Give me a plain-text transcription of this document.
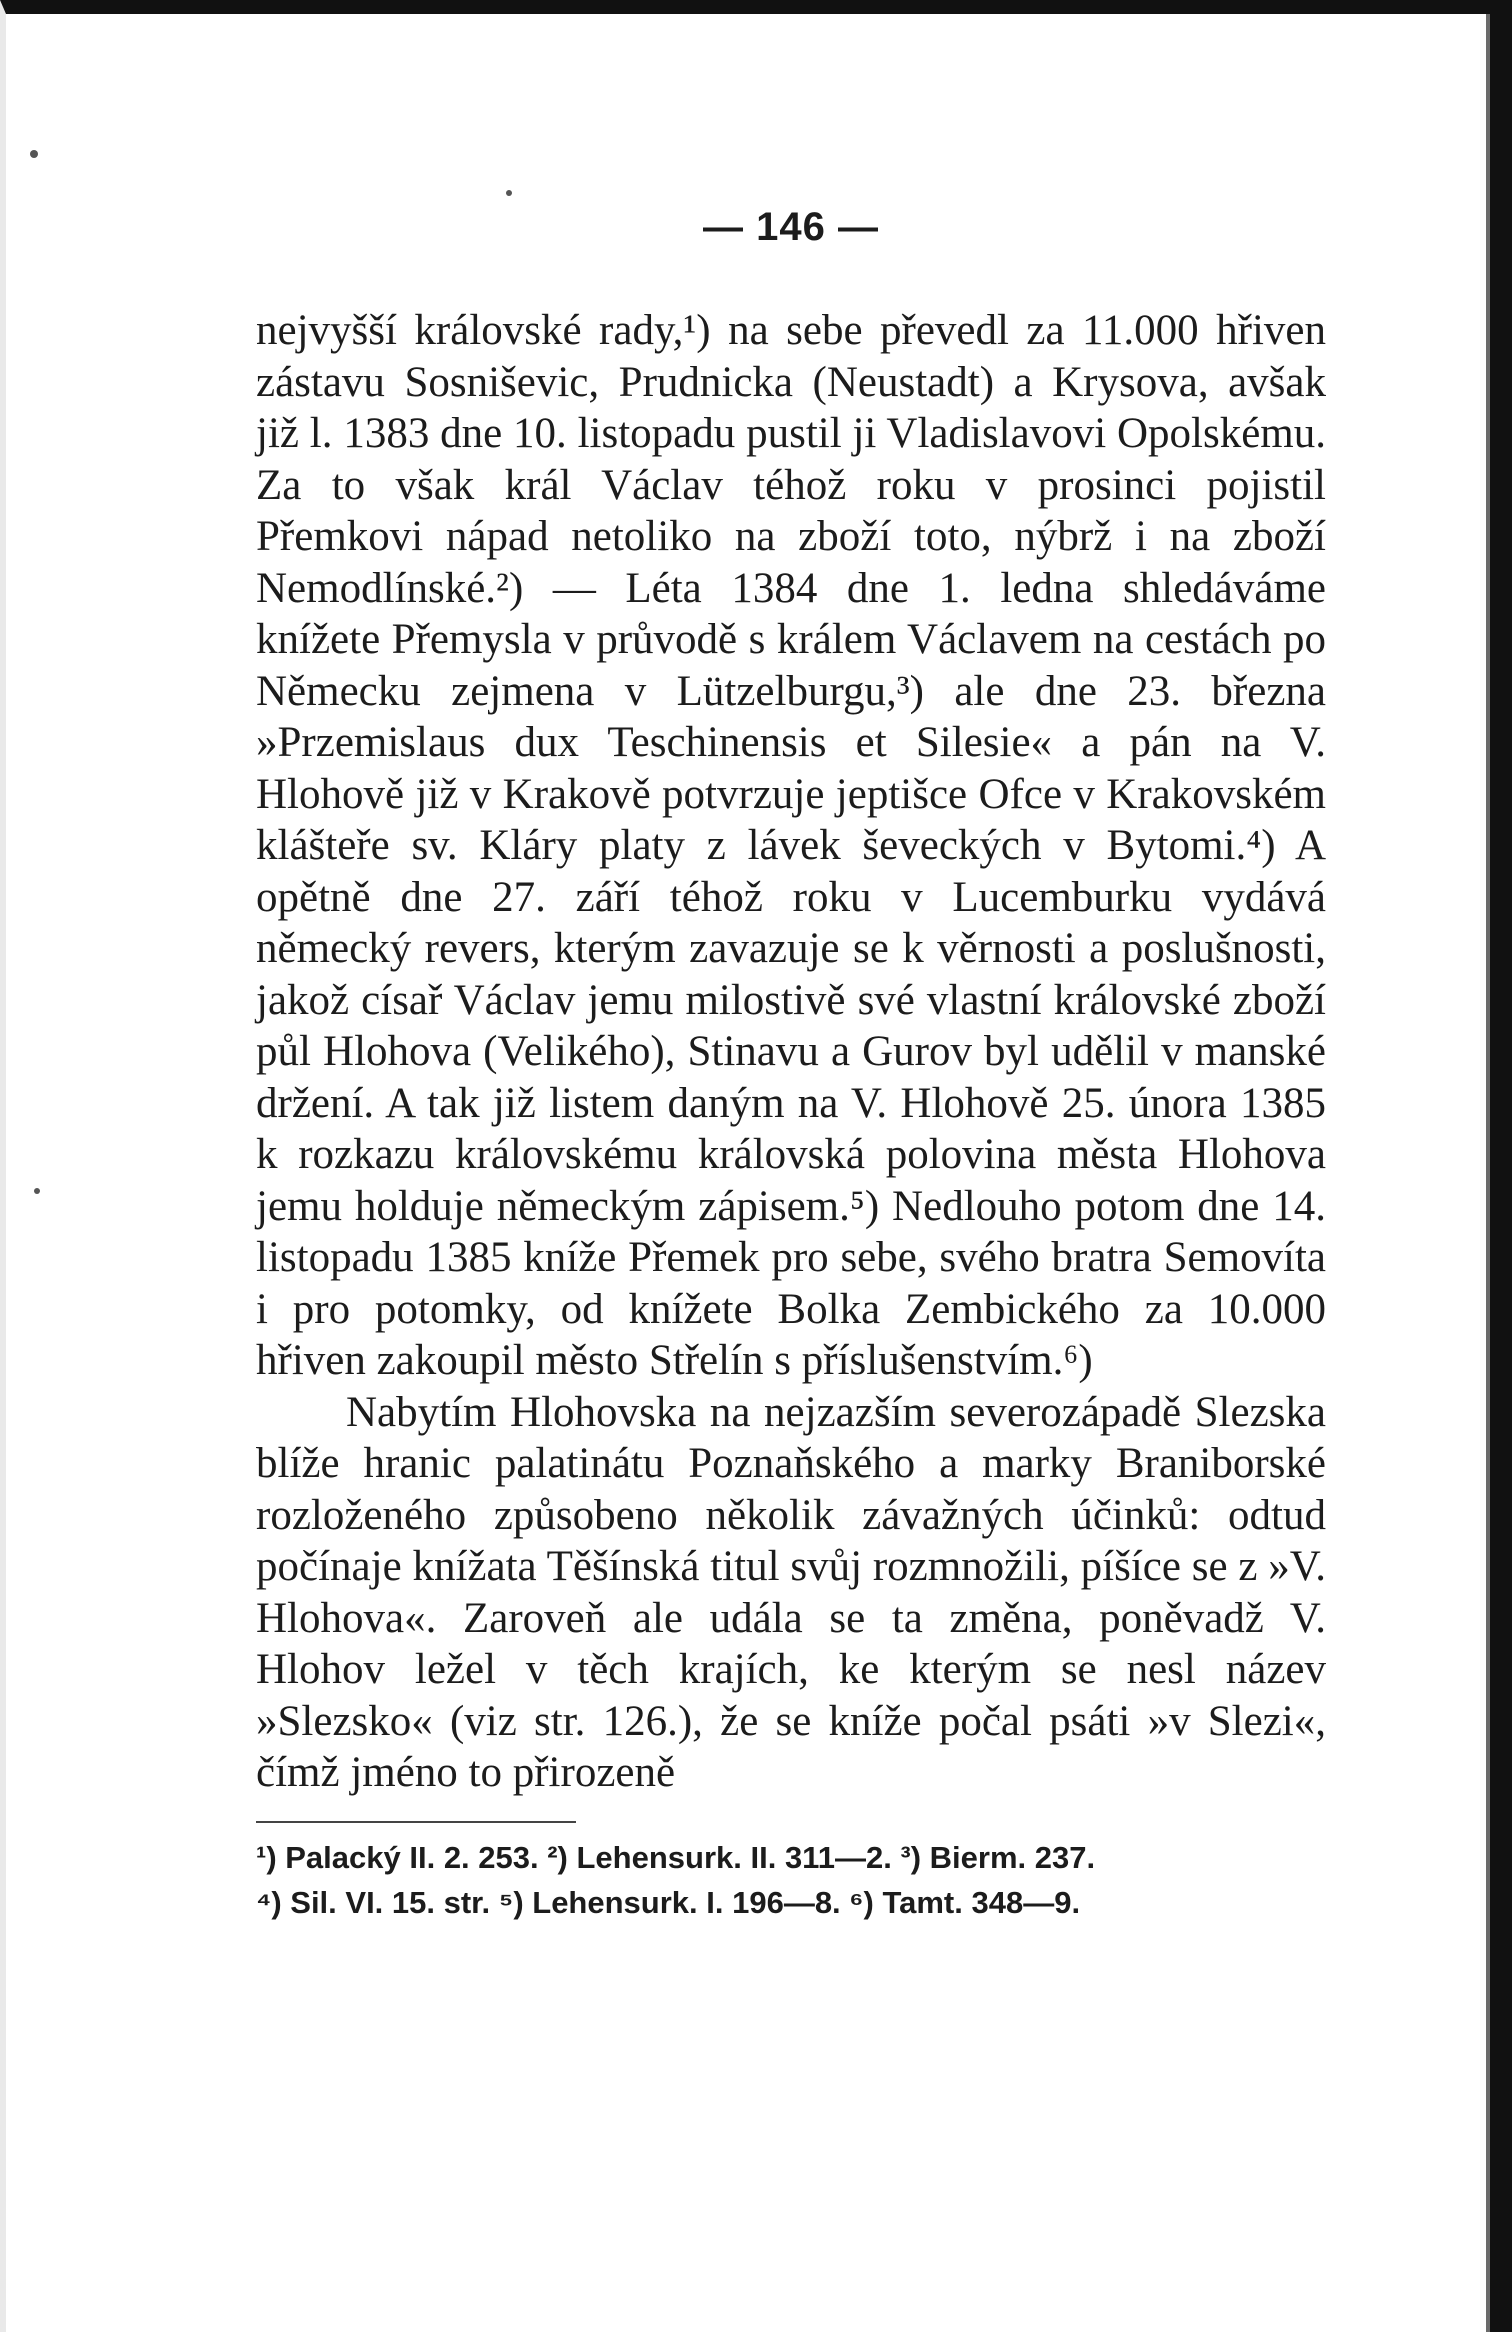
— 146 —

nejvyšší královské rady,¹) na sebe převedl za 11.000 hřiven zástavu Sosniševic, Prudnicka (Neustadt) a Krysova, avšak již l. 1383 dne 10. listopadu pustil ji Vladislavovi Opolskému. Za to však král Václav téhož roku v prosinci pojistil Přemkovi nápad netoliko na zboží toto, nýbrž i na zboží Nemodlínské.²) — Léta 1384 dne 1. ledna shledáváme knížete Přemysla v průvodě s králem Václavem na cestách po Německu zejmena v Lützelburgu,³) ale dne 23. března »Przemislaus dux Teschinensis et Silesie« a pán na V. Hlohově již v Krakově potvrzuje jeptišce Ofce v Krakovském klášteře sv. Kláry platy z lávek ševeckých v Bytomi.⁴) A opětně dne 27. září téhož roku v Lucemburku vydává německý revers, kterým zavazuje se k věrnosti a poslušnosti, jakož císař Václav jemu milostivě své vlastní královské zboží půl Hlohova (Velikého), Stinavu a Gurov byl udělil v manské držení. A tak již listem daným na V. Hlohově 25. února 1385 k rozkazu královskému královská polovina města Hlohova jemu holduje německým zápisem.⁵) Nedlouho potom dne 14. listopadu 1385 kníže Přemek pro sebe, svého bratra Semovíta i pro potomky, od knížete Bolka Zembického za 10.000 hřiven zakoupil město Střelín s příslušenstvím.⁶)

Nabytím Hlohovska na nejzazším severozápadě Slezska blíže hranic palatinátu Poznaňského a marky Braniborské rozloženého způsobeno několik závažných účinků: odtud počínaje knížata Těšínská titul svůj rozmnožili, píšíce se z »V. Hlohova«. Zaroveň ale udála se ta změna, poněvadž V. Hlohov ležel v těch krajích, ke kterým se nesl název »Slezsko« (viz str. 126.), že se kníže počal psáti »v Slezi«, čímž jméno to přirozeně

¹) Palacký II. 2. 253. ²) Lehensurk. II. 311—2. ³) Bierm. 237.
⁴) Sil. VI. 15. str. ⁵) Lehensurk. I. 196—8. ⁶) Tamt. 348—9.
